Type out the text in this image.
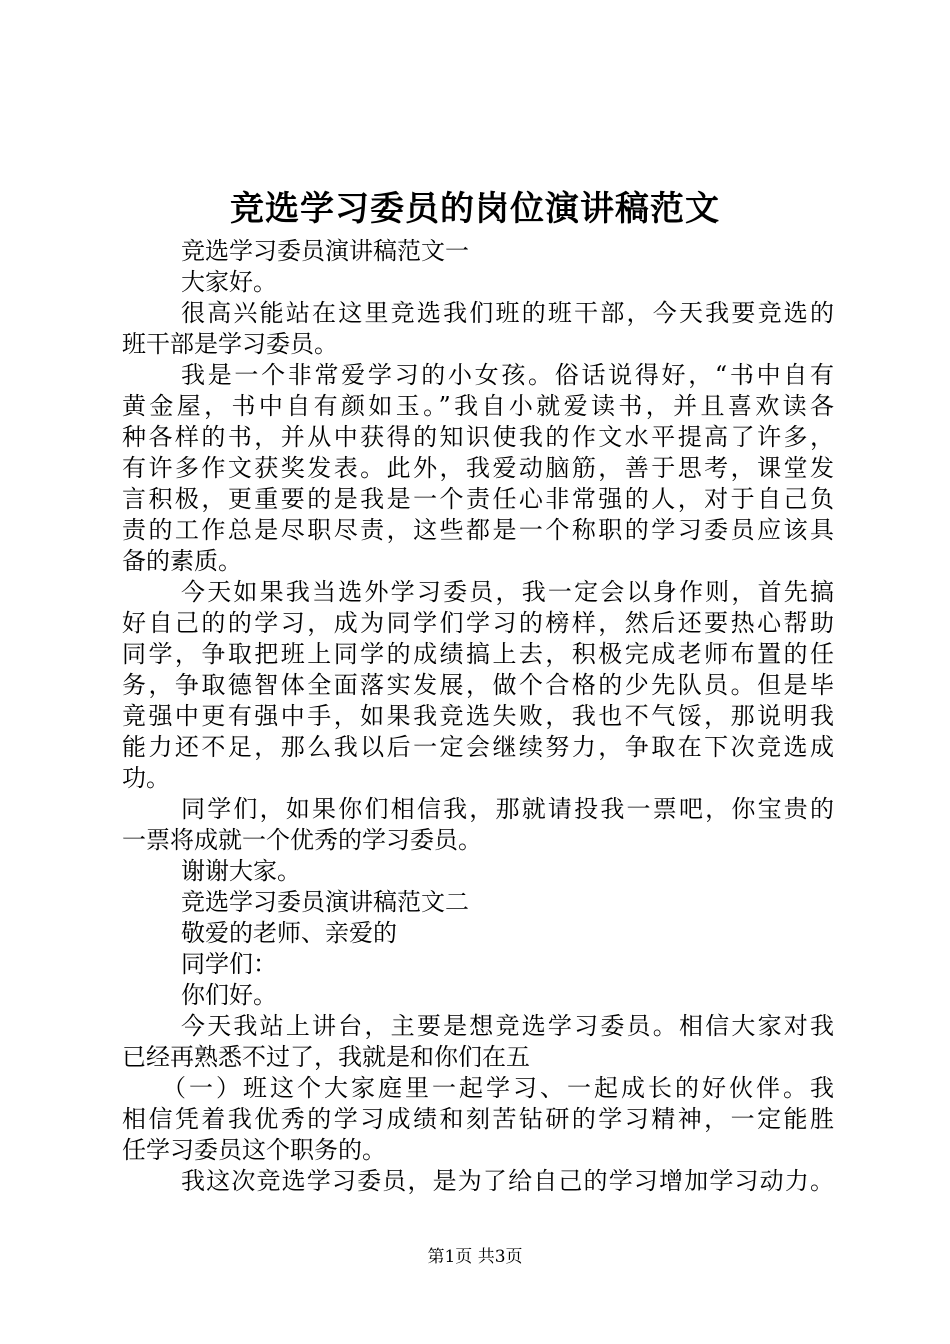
竞选学习委员的岗位演讲稿范文

竞选学习委员演讲稿范文一

大家好。

很高兴能站在这里竞选我们班的班干部，今天我要竞选的

班干部是学习委员。

我是一个非常爱学习的小女孩。俗话说得好，“书中自有

黄金屋，书中自有颜如玉。”我自小就爱读书，并且喜欢读各

种各样的书，并从中获得的知识使我的作文水平提高了许多，

有许多作文获奖发表。此外，我爱动脑筋，善于思考，课堂发

言积极，更重要的是我是一个责任心非常强的人，对于自己负

责的工作总是尽职尽责，这些都是一个称职的学习委员应该具

备的素质。

今天如果我当选外学习委员，我一定会以身作则，首先搞

好自己的的学习，成为同学们学习的榜样，然后还要热心帮助

同学，争取把班上同学的成绩搞上去，积极完成老师布置的任

务，争取德智体全面落实发展，做个合格的少先队员。但是毕

竟强中更有强中手，如果我竞选失败，我也不气馁，那说明我

能力还不足，那么我以后一定会继续努力，争取在下次竞选成

功。

同学们，如果你们相信我，那就请投我一票吧，你宝贵的

一票将成就一个优秀的学习委员。

谢谢大家。

竞选学习委员演讲稿范文二

敬爱的老师、亲爱的

同学们：

你们好。

今天我站上讲台，主要是想竞选学习委员。相信大家对我

已经再熟悉不过了，我就是和你们在五

（一）班这个大家庭里一起学习、一起成长的好伙伴。我

相信凭着我优秀的学习成绩和刻苦钻研的学习精神，一定能胜

任学习委员这个职务的。

我这次竞选学习委员，是为了给自己的学习增加学习动力。

第1页 共3页
